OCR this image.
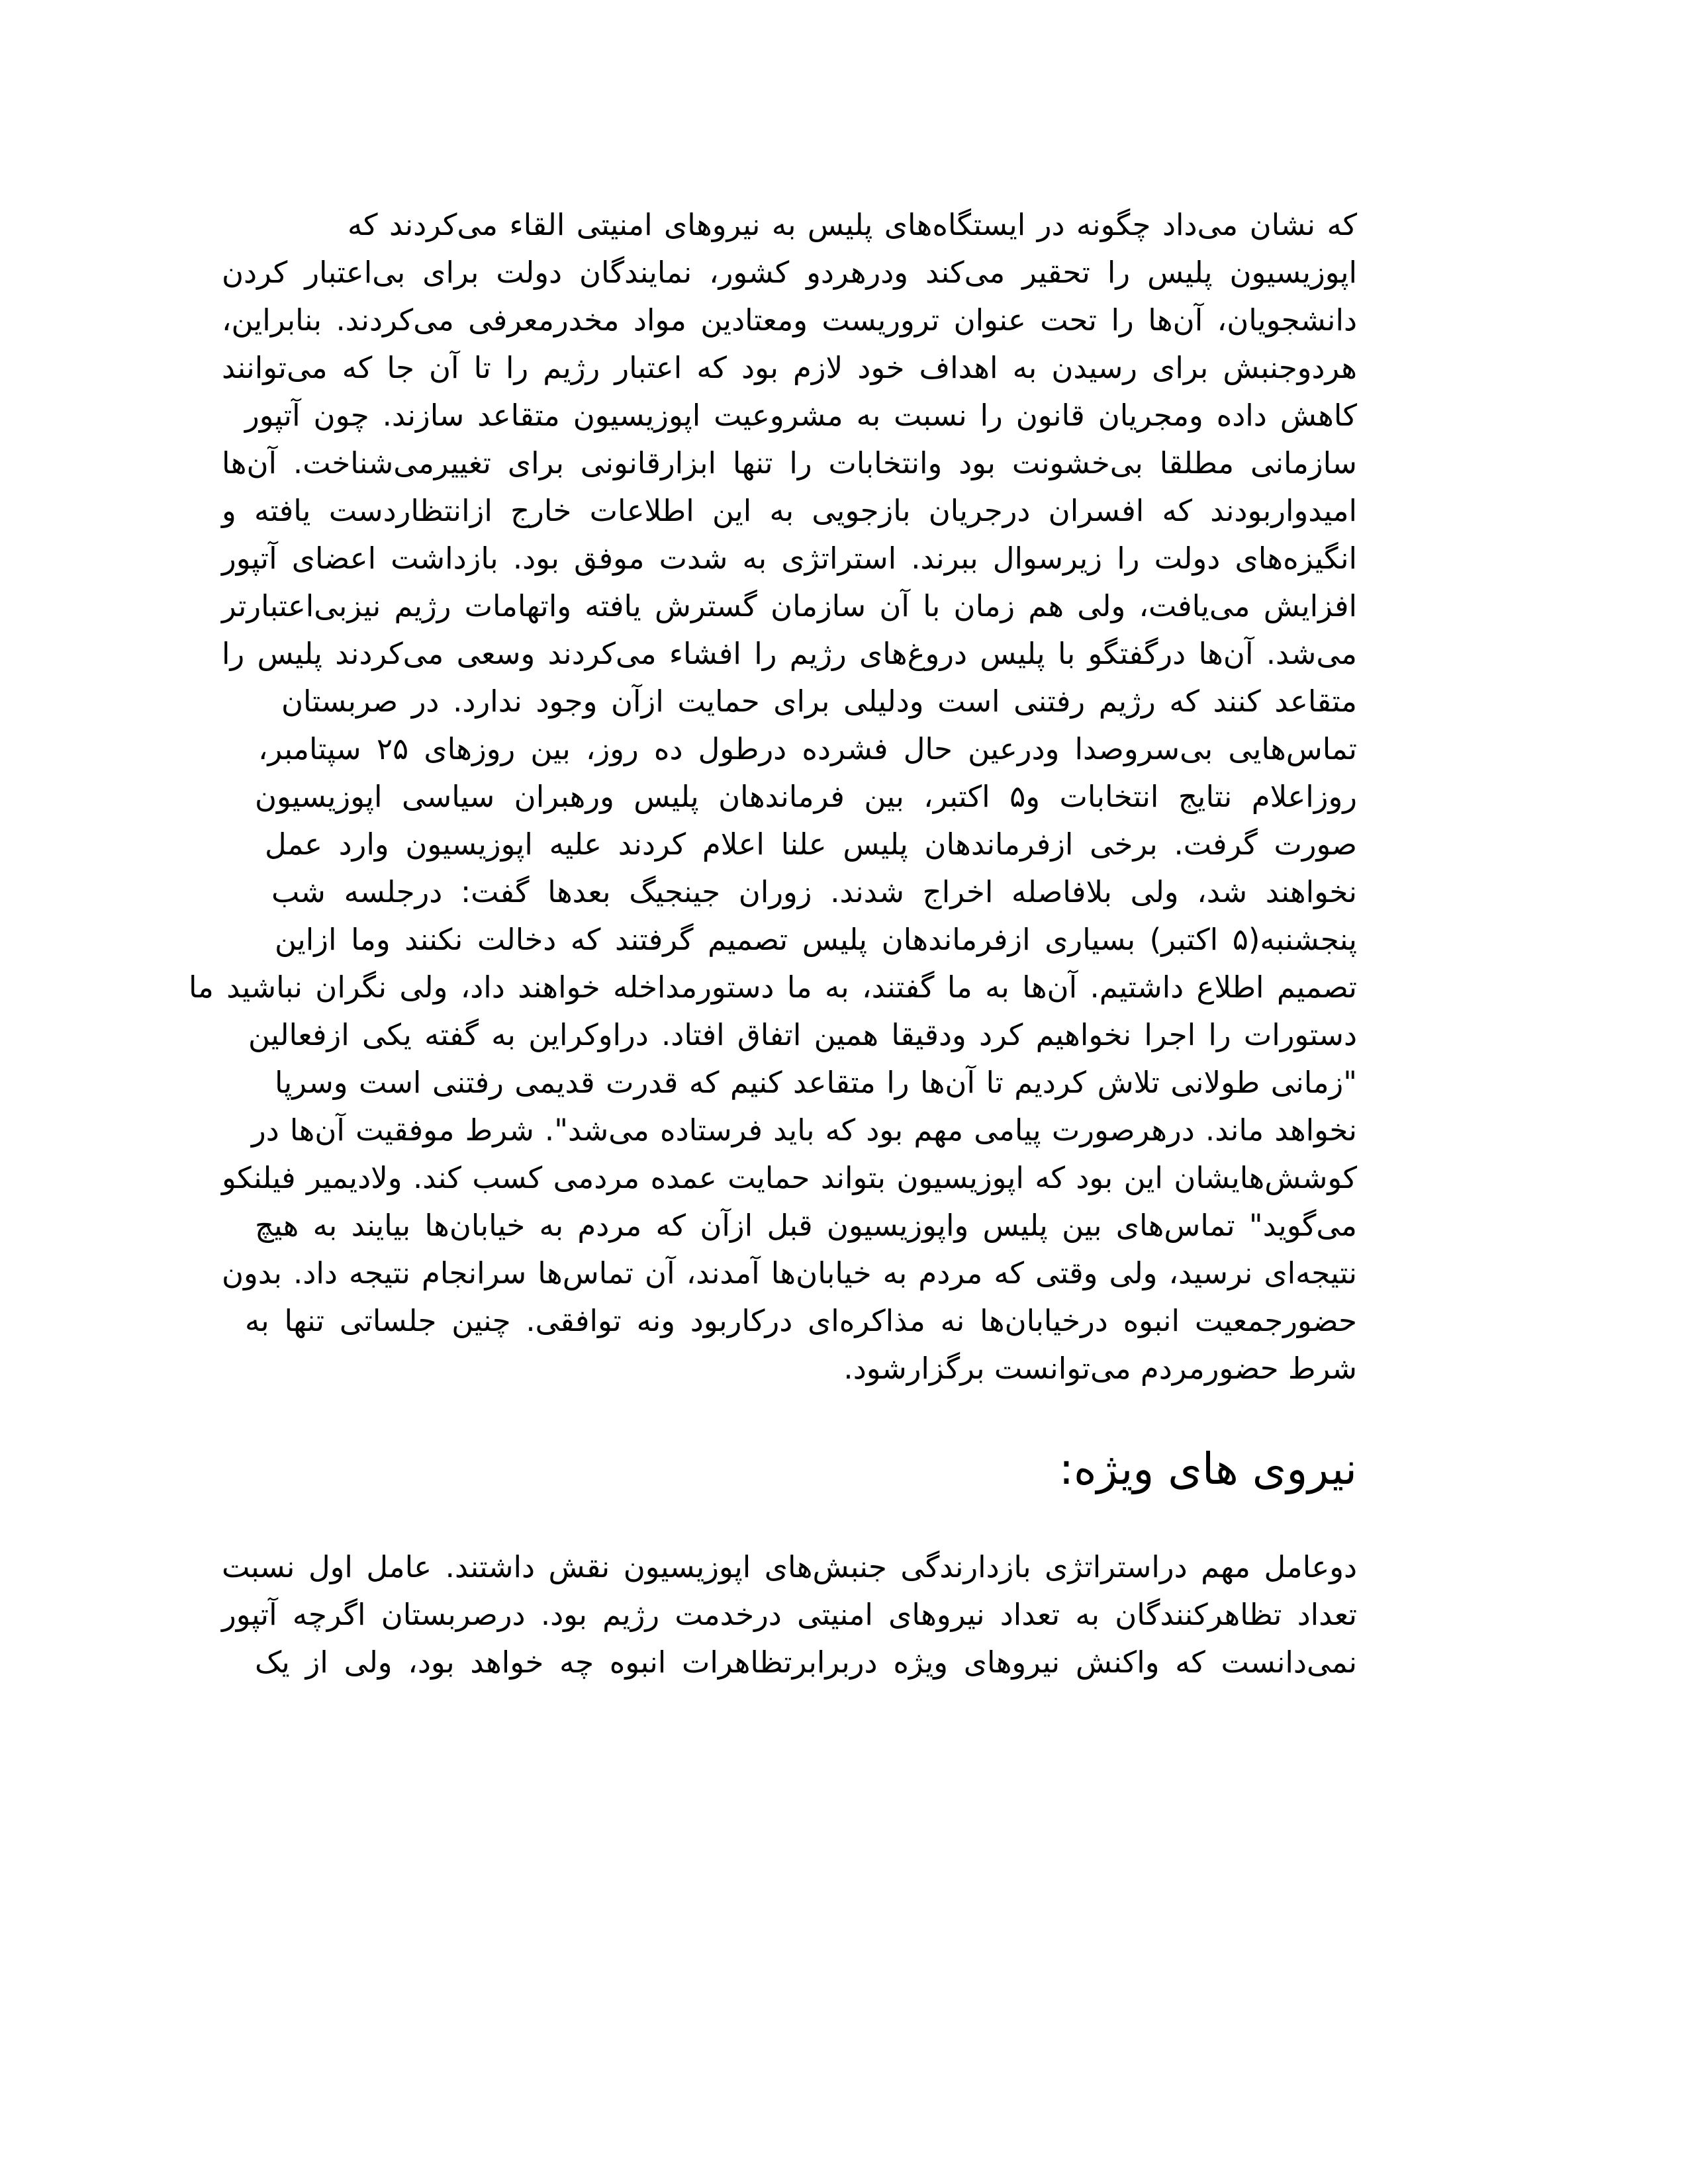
که نشان می‌داد چگونه در ایستگاه‌های پلیس به نیروهای امنیتی القاء می‌کردند که
اپوزیسیون پلیس را تحقیر می‌کند ودرهردو کشور، نمایندگان دولت برای بی‌اعتبار کردن
دانشجویان، آن‌ها را تحت عنوان تروریست ومعتادین مواد مخدرمعرفی می‌کردند. بنابراین،
هردوجنبش برای رسیدن به اهداف خود لازم بود که اعتبار رژیم را تا آن جا که می‌توانند
کاهش داده ومجریان قانون را نسبت به مشروعیت اپوزیسیون متقاعد سازند. چون آتپور
سازمانی مطلقا بی‌خشونت بود وانتخابات را تنها ابزارقانونی برای تغییرمی‌شناخت. آن‌ها
امیدواربودند که افسران درجریان بازجویی به این اطلاعات خارج ازانتظاردست یافته و
انگیزه‌های دولت را زیرسوال ببرند. استراتژی به شدت موفق بود. بازداشت اعضای آتپور
افزایش می‌یافت، ولی هم زمان با آن سازمان گسترش یافته واتهامات رژیم نیزبی‌اعتبارتر
می‌شد. آن‌ها درگفتگو با پلیس دروغ‌های رژیم را افشاء می‌کردند وسعی می‌کردند پلیس را
متقاعد کنند که رژیم رفتنی است ودلیلی برای حمایت ازآن وجود ندارد. در صربستان
تماس‌هایی بی‌سروصدا ودرعین حال فشرده درطول ده روز، بین روزهای ۲۵ سپتامبر،
روزاعلام نتایج انتخابات و۵ اکتبر، بین فرماندهان پلیس ورهبران سیاسی اپوزیسیون
صورت گرفت. برخی ازفرماندهان پلیس علنا اعلام کردند علیه اپوزیسیون وارد عمل
نخواهند شد، ولی بلافاصله اخراج شدند. زوران جینجیگ بعدها گفت: درجلسه شب
پنجشنبه(۵ اکتبر) بسیاری ازفرماندهان پلیس تصمیم گرفتند که دخالت نکنند وما ازاین
تصمیم اطلاع داشتیم. آن‌ها به ما گفتند، به ما دستورمداخله خواهند داد، ولی نگران نباشید ما
دستورات را اجرا نخواهیم کرد ودقیقا همین اتفاق افتاد. دراوکراین به گفته یکی ازفعالین
"زمانی طولانی تلاش کردیم تا آن‌ها را متقاعد کنیم که قدرت قدیمی رفتنی است وسرپا
نخواهد ماند. درهرصورت پیامی مهم بود که باید فرستاده می‌شد". شرط موفقیت آن‌ها در
کوشش‌هایشان این بود که اپوزیسیون بتواند حمایت عمده مردمی کسب کند. ولادیمیر فیلنکو
می‌گوید" تماس‌های بین پلیس واپوزیسیون قبل ازآن که مردم به خیابان‌ها بیایند به هیچ
نتیجه‌ای نرسید، ولی وقتی که مردم به خیابان‌ها آمدند، آن تماس‌ها سرانجام نتیجه داد. بدون
حضورجمعیت انبوه درخیابان‌ها نه مذاکره‌ای درکاربود ونه توافقی. چنین جلساتی تنها به
شرط حضورمردم می‌توانست برگزارشود.
نیروی های ویژه:
دوعامل مهم دراستراتژی بازدارندگی جنبش‌های اپوزیسیون نقش داشتند. عامل اول نسبت
تعداد تظاهرکنندگان به تعداد نیروهای امنیتی درخدمت رژیم بود. درصربستان اگرچه آتپور
نمی‌دانست که واکنش نیروهای ویژه دربرابرتظاهرات انبوه چه خواهد بود، ولی از یک
